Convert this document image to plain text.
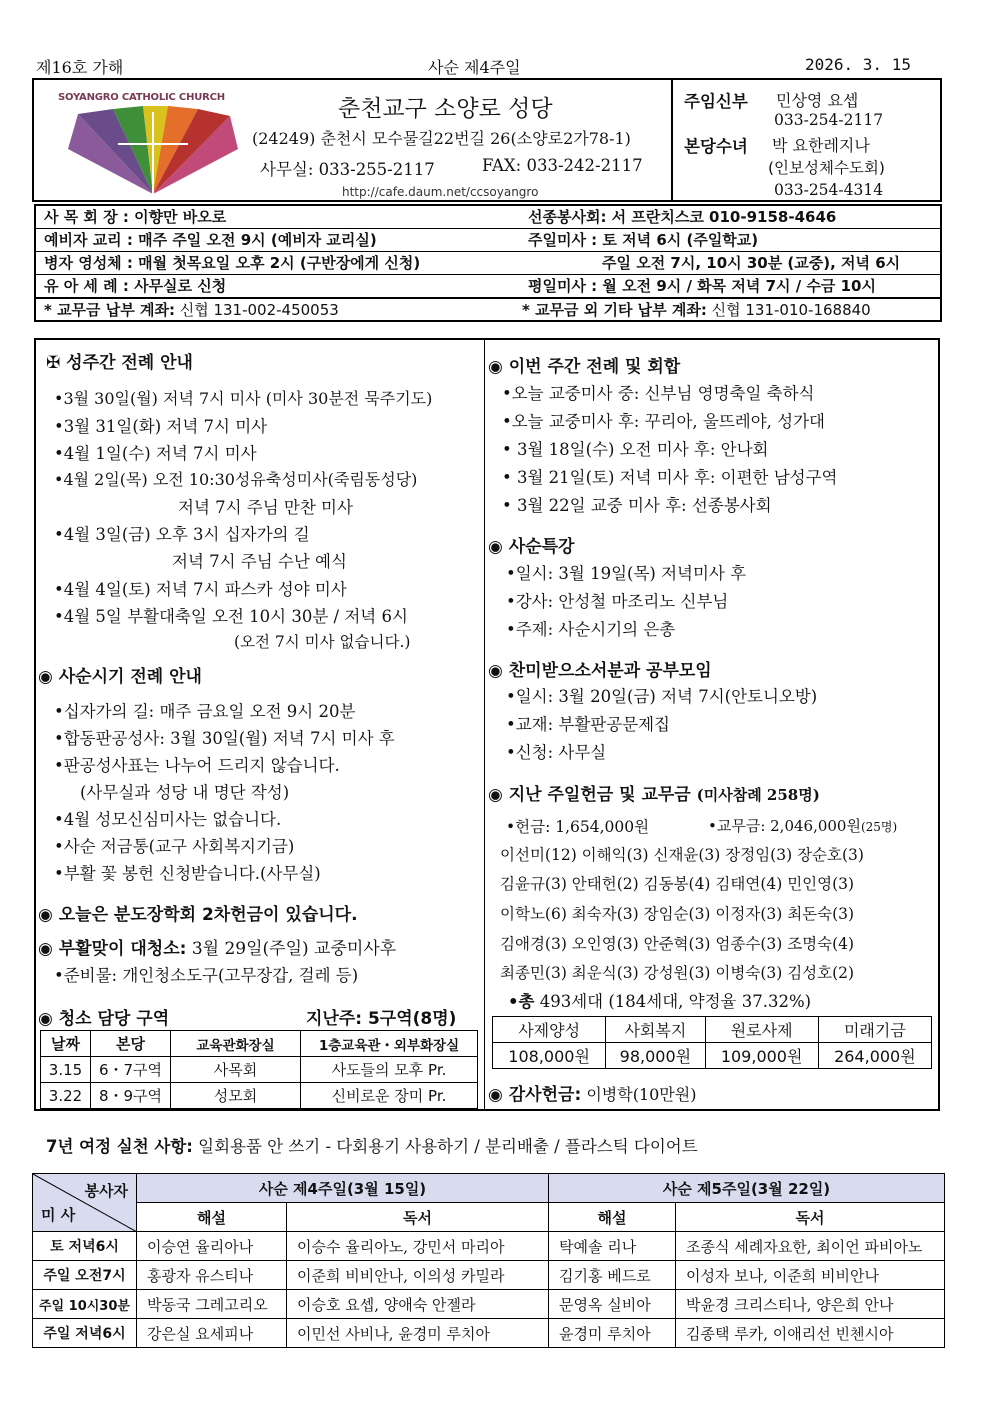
제16호 가해	사순 제4주일	2026. 3. 15
SOYANGRO CATHOLIC CHURCH	춘천교구 소양로 성당
(24249) 춘천시 모수물길22번길 26(소양로2가78-1)
사무실: 033-255-2117	FAX: 033-242-2117
http://cafe.daum.net/ccsoyangro
주임신부 민상영 요셉
033-254-2117
본당수녀 박 요한레지나
(인보성체수도회)
033-254-4314
사 목 회 장 : 이향만 바오로	선종봉사회: 서 프란치스코 010-9158-4646
예비자 교리 : 매주 주일 오전 9시 (예비자 교리실)	주일미사 : 토 저녁 6시 (주일학교)
병자 영성체 : 매월 첫목요일 오후 2시 (구반장에게 신청)	주일 오전 7시, 10시 30분 (교중), 저녁 6시
유 아 세 례 : 사무실로 신청	평일미사 : 월 오전 9시 / 화목 저녁 7시 / 수금 10시
* 교무금 납부 계좌: 신협 131-002-450053	* 교무금 외 기타 납부 계좌: 신협 131-010-168840
✠ 성주간 전례 안내
•3월 30일(월) 저녁 7시 미사 (미사 30분전 묵주기도)
•3월 31일(화) 저녁 7시 미사
•4월 1일(수) 저녁 7시 미사
•4월 2일(목) 오전 10:30성유축성미사(죽림동성당)
저녁 7시 주님 만찬 미사
•4월 3일(금) 오후 3시 십자가의 길
저녁 7시 주님 수난 예식
•4월 4일(토) 저녁 7시 파스카 성야 미사
•4월 5일 부활대축일 오전 10시 30분 / 저녁 6시
(오전 7시 미사 없습니다.)
◉ 사순시기 전례 안내
•십자가의 길: 매주 금요일 오전 9시 20분
•합동판공성사: 3월 30일(월) 저녁 7시 미사 후
•판공성사표는 나누어 드리지 않습니다.
(사무실과 성당 내 명단 작성)
•4월 성모신심미사는 없습니다.
•사순 저금통(교구 사회복지기금)
•부활 꽃 봉헌 신청받습니다.(사무실)
◉ 오늘은 분도장학회 2차헌금이 있습니다.
◉ 부활맞이 대청소: 3월 29일(주일) 교중미사후
•준비물: 개인청소도구(고무장갑, 걸레 등)
◉ 청소 담당 구역	지난주: 5구역(8명)
날짜	본당	교육관화장실	1층교육관・외부화장실
3.15	6・7구역	사목회	사도들의 모후 Pr.
3.22	8・9구역	성모회	신비로운 장미 Pr.
◉ 이번 주간 전례 및 회합
•오늘 교중미사 중: 신부님 영명축일 축하식
•오늘 교중미사 후: 꾸리아, 울뜨레야, 성가대
• 3월 18일(수) 오전 미사 후: 안나회
• 3월 21일(토) 저녁 미사 후: 이편한 남성구역
• 3월 22일 교중 미사 후: 선종봉사회
◉ 사순특강
•일시: 3월 19일(목) 저녁미사 후
•강사: 안성철 마조리노 신부님
•주제: 사순시기의 은총
◉ 찬미받으소서분과 공부모임
•일시: 3월 20일(금) 저녁 7시(안토니오방)
•교재: 부활판공문제집
•신청: 사무실
◉ 지난 주일헌금 및 교무금 (미사참례 258명)
•헌금: 1,654,000원	•교무금: 2,046,000원(25명)
이선미(12) 이해익(3) 신재윤(3) 장정임(3) 장순호(3)
김윤규(3) 안태헌(2) 김동봉(4) 김태연(4) 민인영(3)
이학노(6) 최숙자(3) 장임순(3) 이정자(3) 최돈숙(3)
김애경(3) 오인영(3) 안준혁(3) 엄종수(3) 조명숙(4)
최종민(3) 최운식(3) 강성원(3) 이병숙(3) 김성호(2)
•총 493세대 (184세대, 약정율 37.32%)
사제양성	사회복지	원로사제	미래기금
108,000원	98,000원	109,000원	264,000원
◉ 감사헌금: 이병학(10만원)
7년 여정 실천 사항: 일회용품 안 쓰기 - 다회용기 사용하기 / 분리배출 / 플라스틱 다이어트
봉사자
미 사	사순 제4주일(3월 15일)		사순 제5주일(3월 22일)	
	해설	독서	해설	독서
토 저녁6시	이승연 율리아나	이승수 율리아노, 강민서 마리아	탁예솔 리나	조종식 세례자요한, 최이언 파비아노
주일 오전7시	홍광자 유스티나	이준희 비비안나, 이의성 카밀라	김기홍 베드로	이성자 보나, 이준희 비비안나
주일 10시30분	박동국 그레고리오	이승호 요셉, 양애숙 안젤라	문영옥 실비아	박윤경 크리스티나, 양은희 안나
주일 저녁6시	강은실 요세피나	이민선 사비나, 윤경미 루치아	윤경미 루치아	김종택 루카, 이애리선 빈첸시아
